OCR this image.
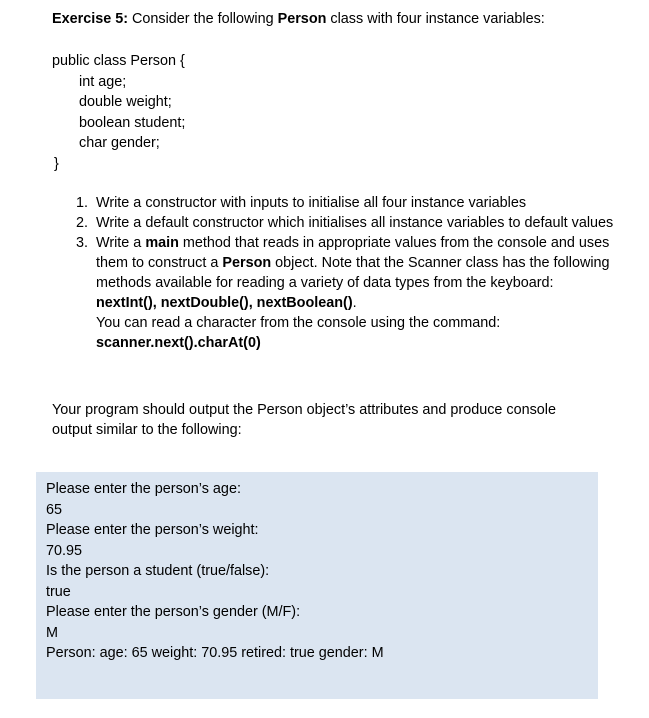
Exercise 5: Consider the following Person class with four instance variables:
public class Person {
int age;
double weight;
boolean student;
char gender;
}
1. Write a constructor with inputs to initialise all four instance variables
2. Write a default constructor which initialises all instance variables to default values
3. Write a main method that reads in appropriate values from the console and uses them to construct a Person object. Note that the Scanner class has the following methods available for reading a variety of data types from the keyboard: nextInt(), nextDouble(), nextBoolean().
You can read a character from the console using the command:
scanner.next().charAt(0)
Your program should output the Person object’s attributes and produce console output similar to the following:
Please enter the person’s age:
65
Please enter the person’s weight:
70.95
Is the person a student (true/false):
true
Please enter the person’s gender (M/F):
M
Person: age: 65 weight: 70.95 retired: true gender: M
